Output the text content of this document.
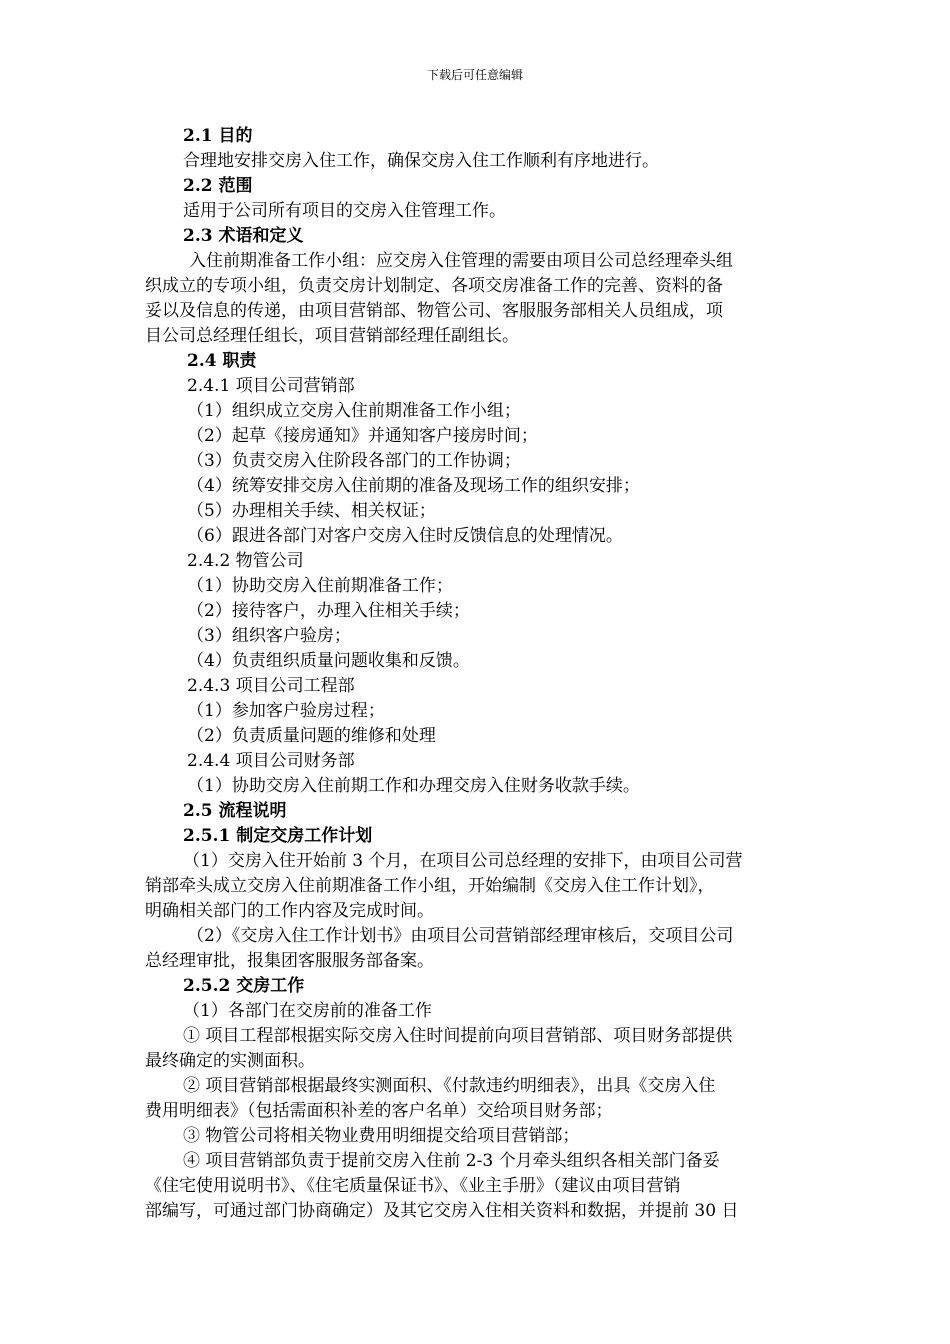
下载后可任意编辑
2.1 目的
合理地安排交房入住工作，确保交房入住工作顺利有序地进行。
2.2 范围
适用于公司所有项目的交房入住管理工作。
2.3 术语和定义
入住前期准备工作小组：应交房入住管理的需要由项目公司总经理牵头组
织成立的专项小组，负责交房计划制定、各项交房准备工作的完善、资料的备
妥以及信息的传递，由项目营销部、物管公司、客服服务部相关人员组成，项
目公司总经理任组长，项目营销部经理任副组长。
2.4 职责
2.4.1 项目公司营销部
（1）组织成立交房入住前期准备工作小组；
（2）起草《接房通知》并通知客户接房时间；
（3）负责交房入住阶段各部门的工作协调；
（4）统筹安排交房入住前期的准备及现场工作的组织安排；
（5）办理相关手续、相关权证；
（6）跟进各部门对客户交房入住时反馈信息的处理情况。
2.4.2 物管公司
（1）协助交房入住前期准备工作；
（2）接待客户，办理入住相关手续；
（3）组织客户验房；
（4）负责组织质量问题收集和反馈。
2.4.3 项目公司工程部
（1）参加客户验房过程；
（2）负责质量问题的维修和处理
2.4.4 项目公司财务部
（1）协助交房入住前期工作和办理交房入住财务收款手续。
2.5 流程说明
2.5.1 制定交房工作计划
（1）交房入住开始前 3 个月，在项目公司总经理的安排下，由项目公司营
销部牵头成立交房入住前期准备工作小组，开始编制《交房入住工作计划》，
明确相关部门的工作内容及完成时间。
（2）《交房入住工作计划书》由项目公司营销部经理审核后，交项目公司
总经理审批，报集团客服服务部备案。
2.5.2 交房工作
（1）各部门在交房前的准备工作
① 项目工程部根据实际交房入住时间提前向项目营销部、项目财务部提供
最终确定的实测面积。
② 项目营销部根据最终实测面积、《付款违约明细表》，出具《交房入住
费用明细表》（包括需面积补差的客户名单）交给项目财务部；
③ 物管公司将相关物业费用明细提交给项目营销部；
④ 项目营销部负责于提前交房入住前 2-3 个月牵头组织各相关部门备妥
《住宅使用说明书》、《住宅质量保证书》、《业主手册》（建议由项目营销
部编写，可通过部门协商确定）及其它交房入住相关资料和数据，并提前 30 日
